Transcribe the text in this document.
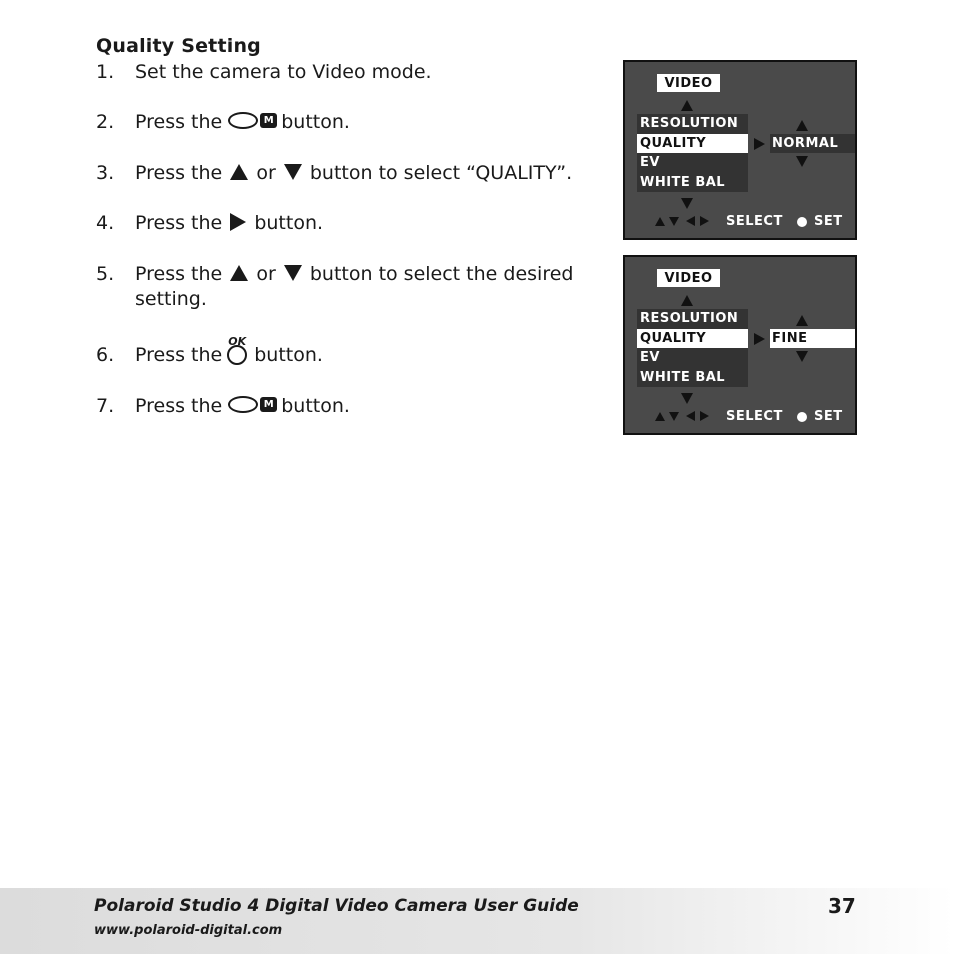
Quality Setting
1. Set the camera to Video mode.
2. Press the	M button.
3. Press the or button to select “QUALITY”.
4. Press the button.
5. Press the or button to select the desired
setting.
6. Press the
OK
button.
7. Press the	M button.
VIDEO
RESOLUTION
QUALITY
EV
WHITE BAL
NORMAL
SELECT SET
VIDEO
RESOLUTION
QUALITY
EV
WHITE BAL
FINE
SELECT SET
Polaroid Studio 4 Digital Video Camera User Guide
www.polaroid-digital.com
37
